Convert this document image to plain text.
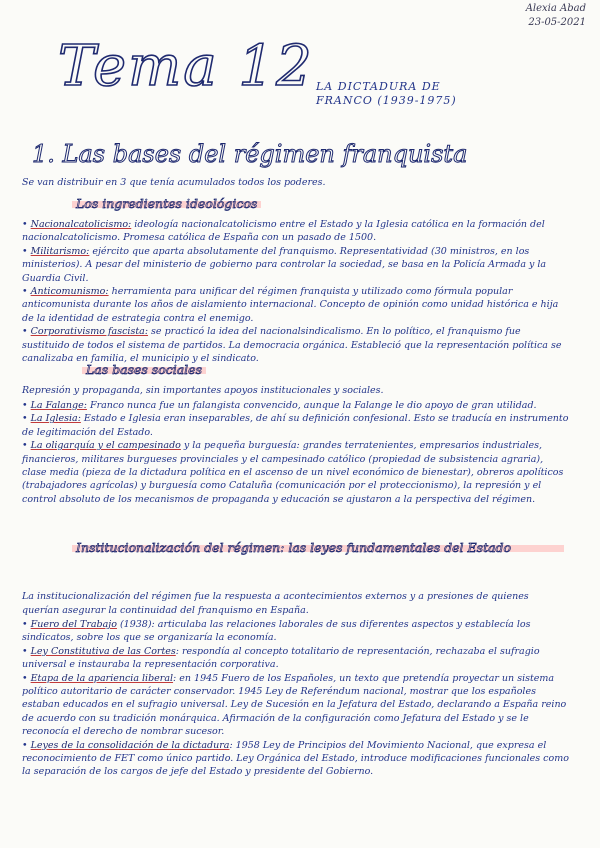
Alexia Abad
23-05-2021
Tema 12 LA DICTADURA DE
FRANCO (1939-1975)
1. Las bases del régimen franquista
Se van distribuir en 3 que tenía acumulados todos los poderes.
Los ingredientes ideológicos
• Nacionalcatolicismo: ideología nacionalcatolicismo entre el Estado y la Iglesia católica en la formación del nacionalcatolicismo. Promesa católica de España con un pasado de 1500.
• Militarismo: ejército que aparta absolutamente del franquismo. Representatividad (30 ministros, en los ministerios). A pesar del ministerio de gobierno para controlar la sociedad, se basa en la Policía Armada y la Guardia Civil.
• Anticomunismo: herramienta para unificar del régimen franquista y utilizado como fórmula popular anticomunista durante los años de aislamiento internacional. Concepto de opinión como unidad histórica e hija de la identidad de estrategia contra el enemigo.
• Corporativismo fascista: se practicó la idea del nacionalsindicalismo. En lo político, el franquismo fue sustituido de todos el sistema de partidos. La democracia orgánica. Estableció que la representación política se canalizaba en familia, el municipio y el sindicato.
Las bases sociales
Represión y propaganda, sin importantes apoyos institucionales y sociales.
• La Falange: Franco nunca fue un falangista convencido, aunque la Falange le dio apoyo de gran utilidad.
• La Iglesia: Estado e Iglesia eran inseparables, de ahí su definición confesional. Esto se traducía en instrumento de legitimación del Estado.
• La oligarquía y el campesinado y la pequeña burguesía: grandes terratenientes, empresarios industriales, financieros, militares burgueses provinciales y el campesinado católico (propiedad de subsistencia agraria), clase media (pieza de la dictadura política en el ascenso de un nivel económico de bienestar), obreros apolíticos (trabajadores agrícolas) y burguesía como Cataluña (comunicación por el proteccionismo), la represión y el control absoluto de los mecanismos de propaganda y educación se ajustaron a la perspectiva del régimen.
Institucionalización del régimen: las leyes fundamentales del Estado
La institucionalización del régimen fue la respuesta a acontecimientos externos y a presiones de quienes querían asegurar la continuidad del franquismo en España.
• Fuero del Trabajo (1938): articulaba las relaciones laborales de sus diferentes aspectos y establecía los sindicatos, sobre los que se organizaría la economía.
• Ley Constitutiva de las Cortes: respondía al concepto totalitario de representación, rechazaba el sufragio universal e instauraba la representación corporativa.
• Etapa de la apariencia liberal: en 1945 Fuero de los Españoles, un texto que pretendía proyectar un sistema político autoritario de carácter conservador. 1945 Ley de Referéndum nacional, mostrar que los españoles estaban educados en el sufragio universal. Ley de Sucesión en la Jefatura del Estado, declarando a España reino de acuerdo con su tradición monárquica. Afirmación de la configuración como Jefatura del Estado y se le reconocía el derecho de nombrar sucesor.
• Leyes de la consolidación de la dictadura: 1958 Ley de Principios del Movimiento Nacional, que expresa el reconocimiento de FET como único partido. Ley Orgánica del Estado, introduce modificaciones funcionales como la separación de los cargos de jefe del Estado y presidente del Gobierno.
